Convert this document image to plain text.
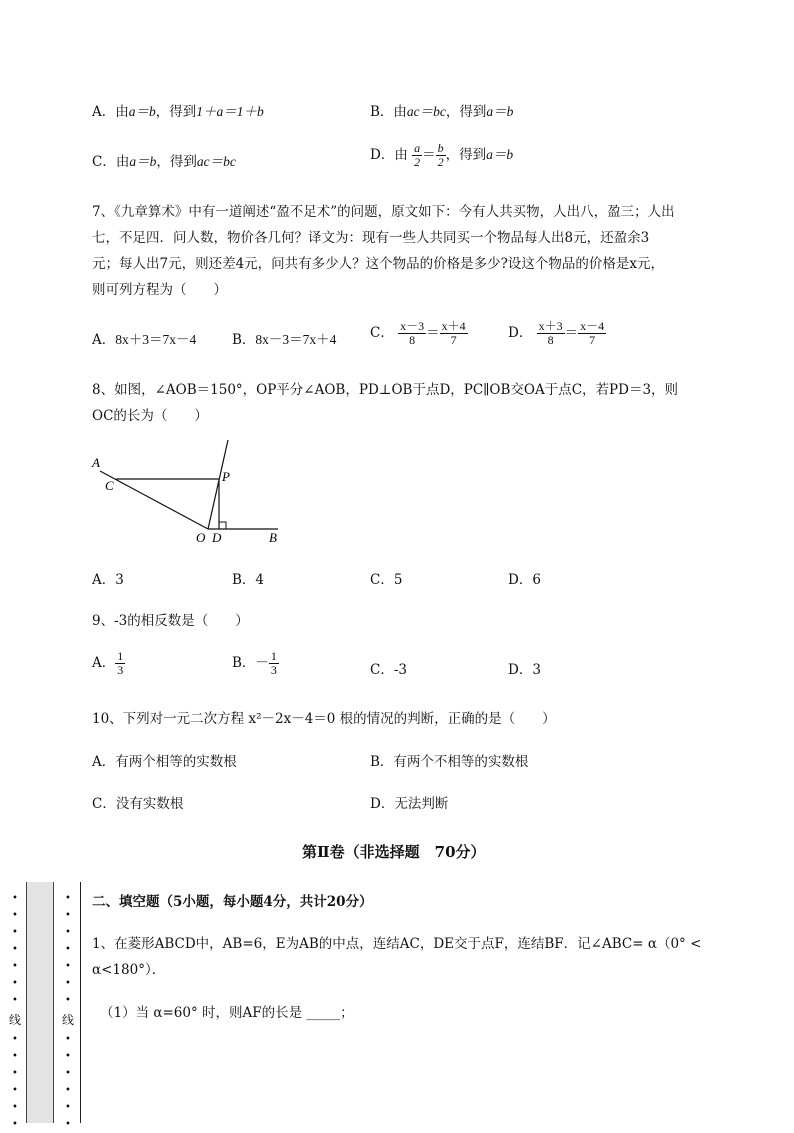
A．由a＝b，得到1＋a＝1＋b	B．由ac＝bc，得到a＝b
C．由a＝b，得到ac＝bc	D．由 $\frac{a}{2} = \frac{b}{2}$ ，得到a＝b
7、《九章算术》中有一道阐述“盈不足术”的问题，原文如下：今有人共买物，人出八，盈三；人出
七，不足四．问人数，物价各几何？译文为：现有一些人共同买一个物品每人出8元，还盈余3
元；每人出7元，则还差4元，问共有多少人？这个物品的价格是多少?设这个物品的价格是x元，
则可列方程为（　　）
A．8x＋3＝7x－4	B．8x－3＝7x＋4 C． $\frac{x-3}{8} = \frac{x+4}{7}$	D． $\frac{x+3}{8} = \frac{x-4}{7}$
8、如图，∠AOB＝150°，OP平分∠AOB，PD⊥OB于点D，PC∥OB交OA于点C，若PD＝3，则
OC的长为（　　）
A
C
P
O D	B
A．3	B．4	C．5	D．6
9、-3的相反数是（　　）
A． $\frac{1}{3}$	B．－ $\frac{1}{3}$	C．-3	D．3
10、下列对一元二次方程 x²－2x－4＝0 根的情况的判断，正确的是（　　）
A．有两个相等的实数根	B．有两个不相等的实数根
C．没有实数根	D．无法判断
第Ⅱ卷（非选择题　70分）
•
•
•
•
•
•
•
线
•
•
•
•
•
•
•
•
•
•
•
•
•
线
•
•
•
•
•
•
二、填空题（5小题，每小题4分，共计20分）
1、在菱形ABCD中，AB=6，E为AB的中点，连结AC，DE交于点F，连结BF．记∠ABC= α（0° <
α<180°）．
（1）当 α=60° 时，则AF的长是 _____；
